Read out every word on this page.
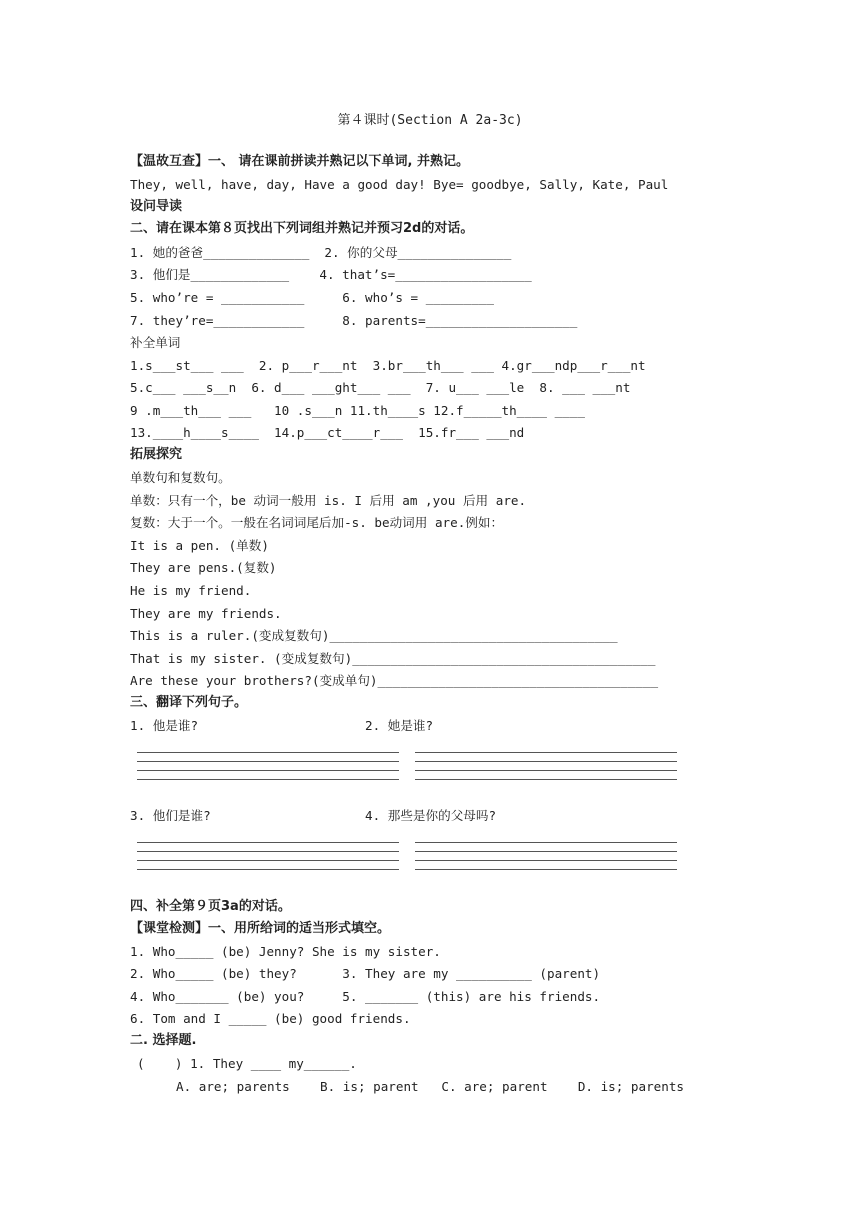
第４课时(Section A 2a-3c)
【温故互查】一、 请在课前拼读并熟记以下单词, 并熟记。
They, well, have, day, Have a good day! Bye= goodbye, Sally, Kate, Paul
设问导读
二、请在课本第８页找出下列词组并熟记并预习2d的对话。
1. 她的爸爸______________  2. 你的父母_______________
3. 他们是_____________    4. that’s=__________________
5. who’re = ___________     6. who’s = _________
7. they’re=____________     8. parents=____________________
补全单词
1.s___st___ ___  2. p___r___nt  3.br___th___ ___ 4.gr___ndp___r___nt
5.c___ ___s__n  6. d___ ___ght___ ___  7. u___ ___le  8. ___ ___nt
9 .m___th___ ___   10 .s___n 11.th____s 12.f_____th____ ____
13.____h____s____  14.p___ct____r___  15.fr___ ___nd
拓展探究
单数句和复数句。
单数：只有一个，be 动词一般用 is. I 后用 am ,you 后用 are.
复数：大于一个。一般在名词词尾后加-s. be动词用 are.例如：
It is a pen. (单数)
They are pens.(复数)
He is my friend.
They are my friends.
This is a ruler.(变成复数句)______________________________________
That is my sister. (变成复数句)________________________________________
Are these your brothers?(变成单句)_____________________________________
三、翻译下列句子。
1. 他是谁?	2. 她是谁?
3. 他们是谁?	4. 那些是你的父母吗?
四、补全第９页3a的对话。
【课堂检测】一、用所给词的适当形式填空。
1. Who_____ (be) Jenny? She is my sister.
2. Who_____ (be) they?      3. They are my __________ (parent)
4. Who_______ (be) you?     5. _______ (this) are his friends.
6. Tom and I _____ (be) good friends.
二. 选择题.
(    ) 1. They ____ my______.
A. are; parents    B. is; parent   C. are; parent    D. is; parents
